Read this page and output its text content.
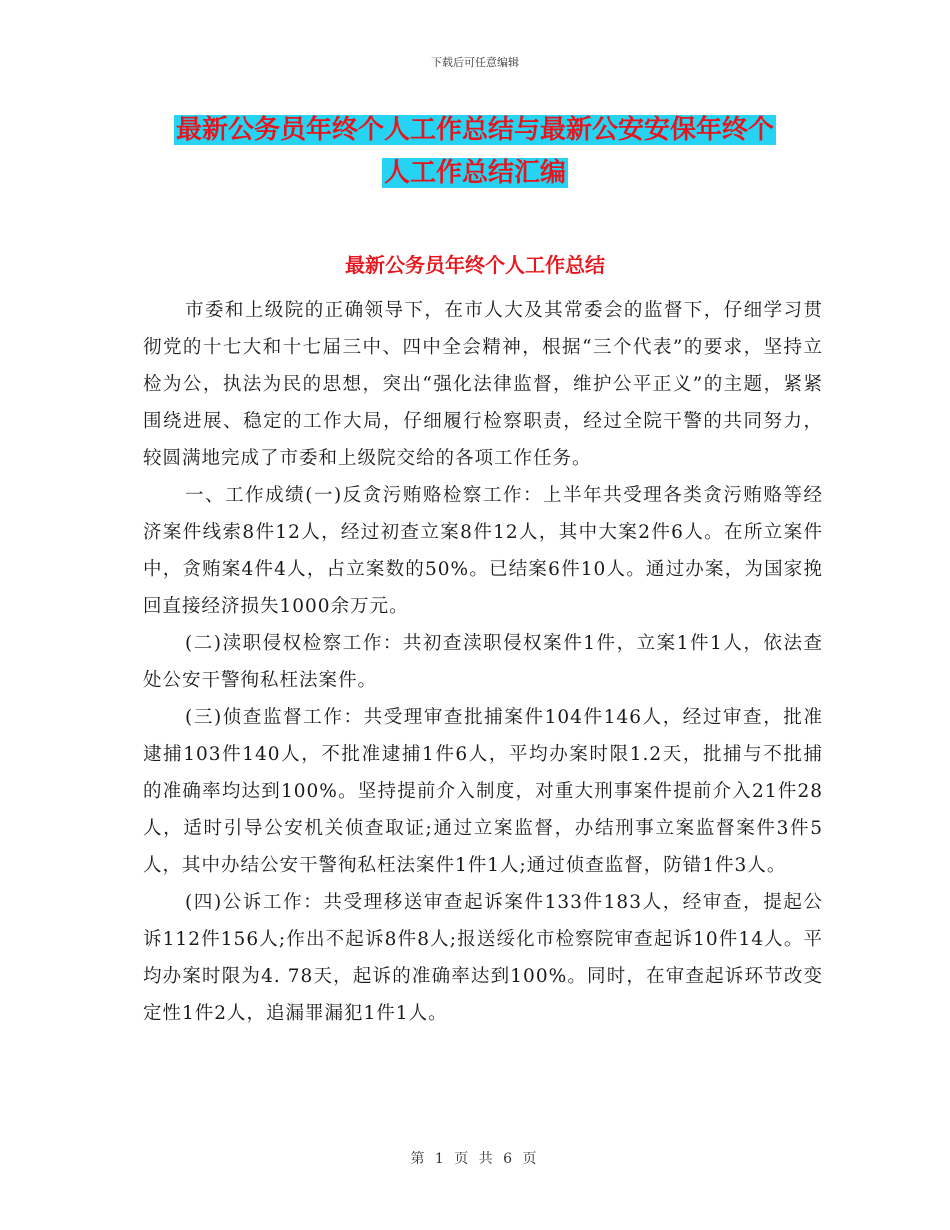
下载后可任意编辑
最新公务员年终个人工作总结与最新公安安保年终个
人工作总结汇编
最新公务员年终个人工作总结

市委和上级院的正确领导下，在市人大及其常委会的监督下，仔细学习贯彻党的十七大和十七届三中、四中全会精神，根据“三个代表”的要求，坚持立检为公，执法为民的思想，突出“强化法律监督，维护公平正义”的主题，紧紧围绕进展、稳定的工作大局，仔细履行检察职责，经过全院干警的共同努力，较圆满地完成了市委和上级院交给的各项工作任务。

一、工作成绩(一)反贪污贿赂检察工作：上半年共受理各类贪污贿赂等经济案件线索8件12人，经过初查立案8件12人，其中大案2件6人。在所立案件中，贪贿案4件4人，占立案数的50%。已结案6件10人。通过办案，为国家挽回直接经济损失1000余万元。

(二)渎职侵权检察工作：共初查渎职侵权案件1件，立案1件1人，依法查处公安干警徇私枉法案件。

(三)侦查监督工作：共受理审查批捕案件104件146人，经过审查，批准逮捕103件140人，不批准逮捕1件6人，平均办案时限1.2天，批捕与不批捕的准确率均达到100%。坚持提前介入制度，对重大刑事案件提前介入21件28人，适时引导公安机关侦查取证;通过立案监督，办结刑事立案监督案件3件5人，其中办结公安干警徇私枉法案件1件1人;通过侦查监督，防错1件3人。

(四)公诉工作：共受理移送审查起诉案件133件183人，经审查，提起公诉112件156人;作出不起诉8件8人;报送绥化市检察院审查起诉10件14人。平均办案时限为4. 78天，起诉的准确率达到100%。同时，在审查起诉环节改变定性1件2人，追漏罪漏犯1件1人。

第 1 页 共 6 页
